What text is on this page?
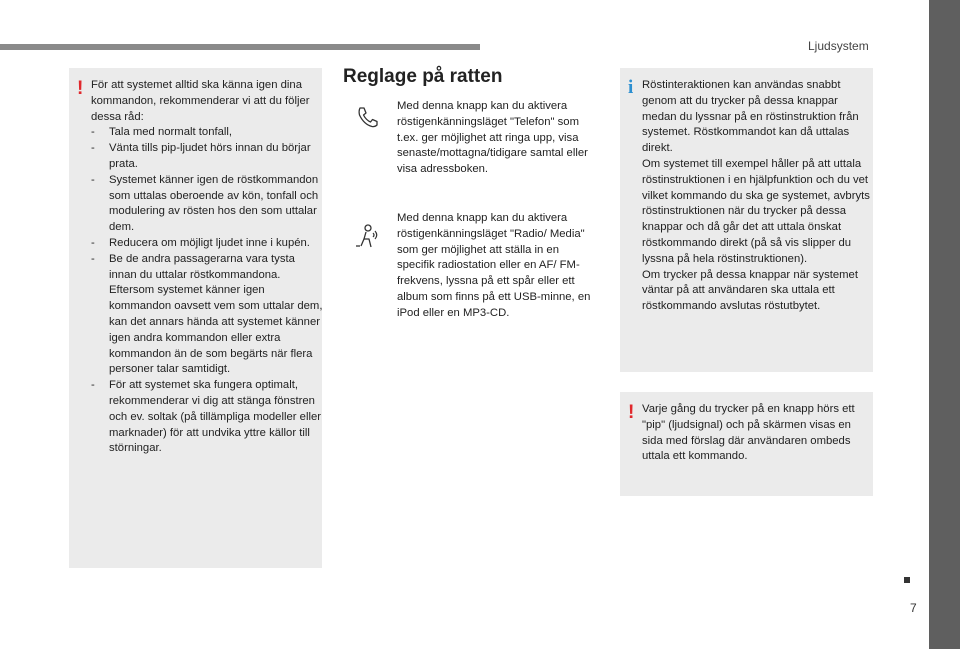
Ljudsystem
! För att systemet alltid ska känna igen dina kommandon, rekommenderar vi att du följer dessa råd:

- Tala med normalt tonfall,
- Vänta tills pip-ljudet hörs innan du börjar prata.
- Systemet känner igen de röstkommandon som uttalas oberoende av kön, tonfall och modulering av rösten hos den som uttalar dem.
- Reducera om möjligt ljudet inne i kupén.
- Be de andra passagerarna vara tysta innan du uttalar röstkommandona. Eftersom systemet känner igen kommandon oavsett vem som uttalar dem, kan det annars hända att systemet känner igen andra kommandon eller extra kommandon än de som begärts när flera personer talar samtidigt.
- För att systemet ska fungera optimalt, rekommenderar vi dig att stänga fönstren och ev. soltak (på tillämpliga modeller eller marknader) för att undvika yttre källor till störningar.
Reglage på ratten
Med denna knapp kan du aktivera röstigenkänningsläget "Telefon" som t.ex. ger möjlighet att ringa upp, visa senaste/mottagna/tidigare samtal eller visa adressboken.
Med denna knapp kan du aktivera röstigenkänningsläget "Radio/ Media" som ger möjlighet att ställa in en specifik radiostation eller en AF/ FM-frekvens, lyssna på ett spår eller ett album som finns på ett USB-minne, en iPod eller en MP3-CD.
i Röstinteraktionen kan användas snabbt genom att du trycker på dessa knappar medan du lyssnar på en röstinstruktion från systemet. Röstkommandot kan då uttalas direkt.

Om systemet till exempel håller på att uttala röstinstruktionen i en hjälpfunktion och du vet vilket kommando du ska ge systemet, avbryts röstinstruktionen när du trycker på dessa knappar och då går det att uttala önskat röstkommando direkt (på så vis slipper du lyssna på hela röstinstruktionen).

Om trycker på dessa knappar när systemet väntar på att användaren ska uttala ett röstkommando avslutas röstutbytet.

! Varje gång du trycker på en knapp hörs ett "pip" (ljudsignal) och på skärmen visas en sida med förslag där användaren ombeds uttala ett kommando.
7
